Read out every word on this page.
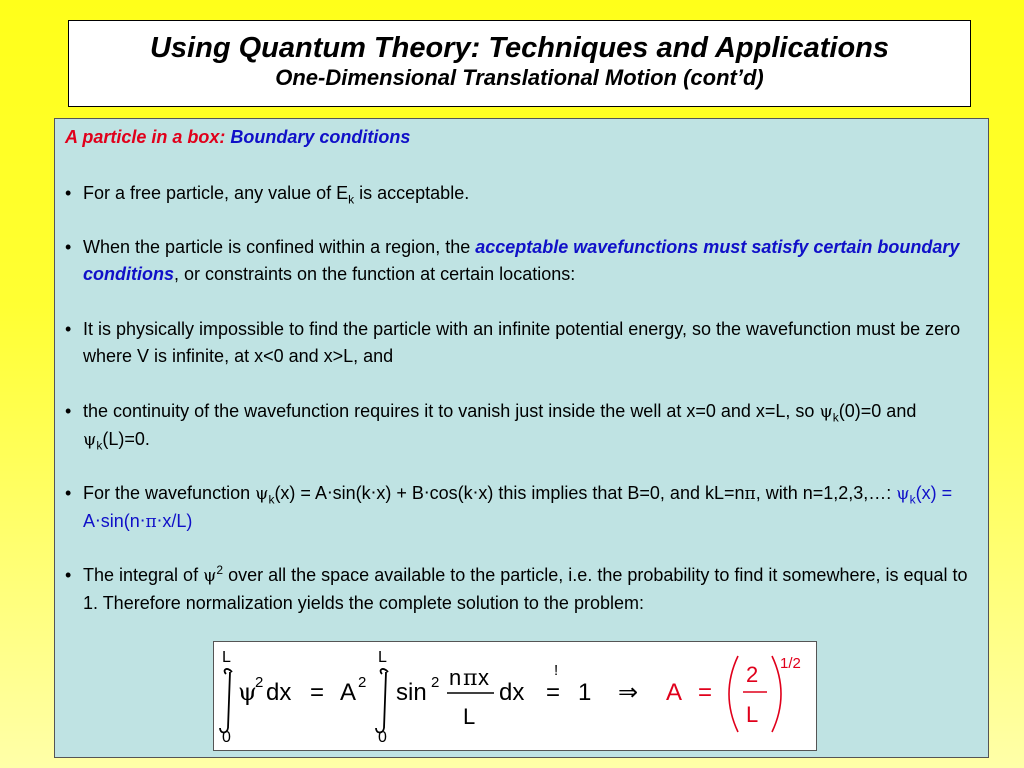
Using Quantum Theory: Techniques and Applications
One-Dimensional Translational Motion (cont’d)
A particle in a box: Boundary conditions
• For a free particle, any value of $E_k$ is acceptable.
• When the particle is confined within a region, the acceptable wavefunctions must satisfy certain boundary conditions, or constraints on the function at certain locations:
• It is physically impossible to find the particle with an infinite potential energy, so the wavefunction must be zero where V is infinite, at x<0 and x>L, and
• the continuity of the wavefunction requires it to vanish just inside the well at x=0 and x=L, so $\psi_k(0)=0$ and $\psi_k(L)=0$.
• For the wavefunction $\psi_k(x) = A\cdot\sin(k\cdot x) + B\cdot\cos(k\cdot x)$ this implies that B=0, and kL=nπ, with n=1,2,3,…: $\psi_k(x) = A\cdot\sin(n\cdot\pi\cdot x/L)$
• The integral of $\psi^2$ over all the space available to the particle, i.e. the probability to find it somewhere, is equal to 1. Therefore normalization yields the complete solution to the problem:
L
0
ψ
2 dx = A 2
L
0
sin 2 n π x
L
dx
!
= 1 ⇒ A =
2
L
1/2
